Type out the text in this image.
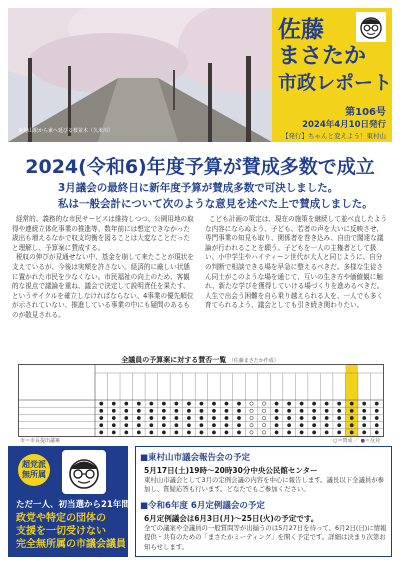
東村山駅から東へ延びる桜並木（久米川）
佐藤
まさたか
市政レポート
第106号
2024年4月10日発行
【発行】ちゃんと変えよう！東村山
2024(令和6)年度予算が賛成多数で成立
3月議会の最終日に新年度予算が賛成多数で可決しました。
私は一般会計について次のような意見を述べた上で賛成しました。

経常的、義務的な市民サービスは維持しつつ、公園用地の取得や連続立体化事業の推進等、数年前には想定できなかった歳出も増えるなかで収支均衡を図ることは大変なことだったと理解し、予算案に賛成する。

税収の伸びが見通せない中、基金を崩して来たことが現状を支えているが、今後は実額を許さない。経済的に厳しい状態に置かれた市民を少なくない。市民福祉の向上のため、客観的な視点で議論を重ね、議会で決定して説明責任を果たす、というサイクルを確立しなければならない。4事業の優先順位が示されていない、推進している事業の中にも疑問のあるものが散見される。

こども計画の策定は、現在の施策を継続して並べ直したような内容にならぬよう、子ども、若者の声を大いに反映させ、専門事業の知見も取り、関係者を巻き込み、自由で闊達な議論が行われることを願う。子どもを一人の主権者として扱い、小中学生やハイティーン世代が大人と同じように、自分の判断で相談できる場を早急に整えるべきだ。多様な生徒さん同士がこのような場を通じて、互いの生き方や価値観に触れ、新たな学びを獲得していける場づくりを進めるべきだ。人生で出会う困難を自ら乗り越えられる人を、一人でも多く育てられるよう、議会としても引き続き関わりたい。

全議員の予算案に対する賛否一覧 （佐藤まさたか作成）
市＝市長提出議案	○＝賛成 ／ ●＝反対
超党派 無所属
ただ一人、初当選から21年間
政党や特定の団体の
支援を一切受けない
完全無所属の市議会議員
■東村山市議会報告会の予定
5月17日(土)19時〜20時30分中央公民館センター
東村山市議会として3月の定例会議の内容を中心に報告します。議長以下全議員が参加し、質疑応答も行います。どなたでもご参加ください。
■令和6年度 6月定例議会の予定
6月定例議会は6月3日(月)〜25日(火)の予定です。
全ての議案や全議員の一般質問等が出揃うのは5月27日を待って、6月2日(日)に情報提供・共有のための「まさたかミーティング」を開く予定です。詳細は決まり次第お知らせします。
